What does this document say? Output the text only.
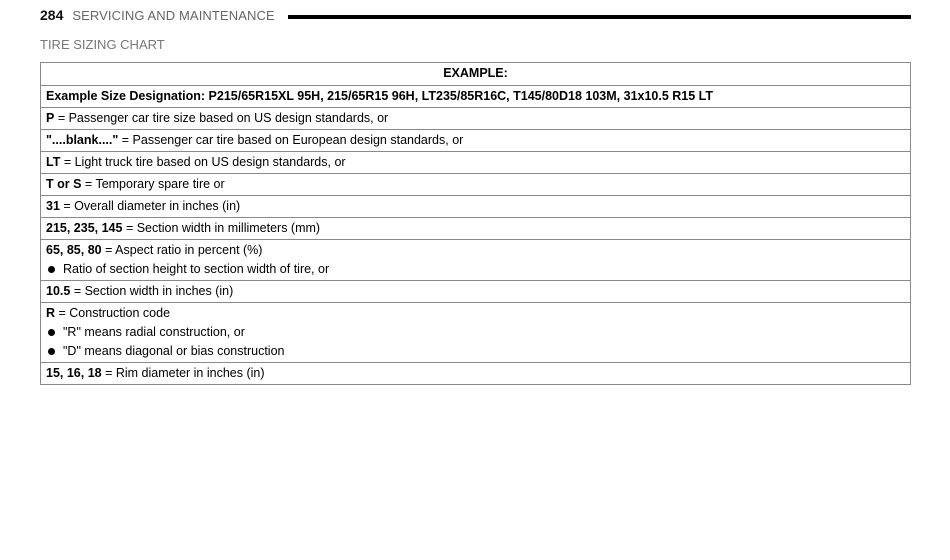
284 SERVICING AND MAINTENANCE
TIRE SIZING CHART
EXAMPLE:
Example Size Designation: P215/65R15XL 95H, 215/65R15 96H, LT235/85R16C, T145/80D18 103M, 31x10.5 R15 LT

P = Passenger car tire size based on US design standards, or

"....blank...." = Passenger car tire based on European design standards, or

LT = Light truck tire based on US design standards, or

T or S = Temporary spare tire or

31 = Overall diameter in inches (in)

215, 235, 145 = Section width in millimeters (mm)

65, 85, 80 = Aspect ratio in percent (%)
Ratio of section height to section width of tire, or

10.5 = Section width in inches (in)

R = Construction code
"R" means radial construction, or
"D" means diagonal or bias construction

15, 16, 18 = Rim diameter in inches (in)
